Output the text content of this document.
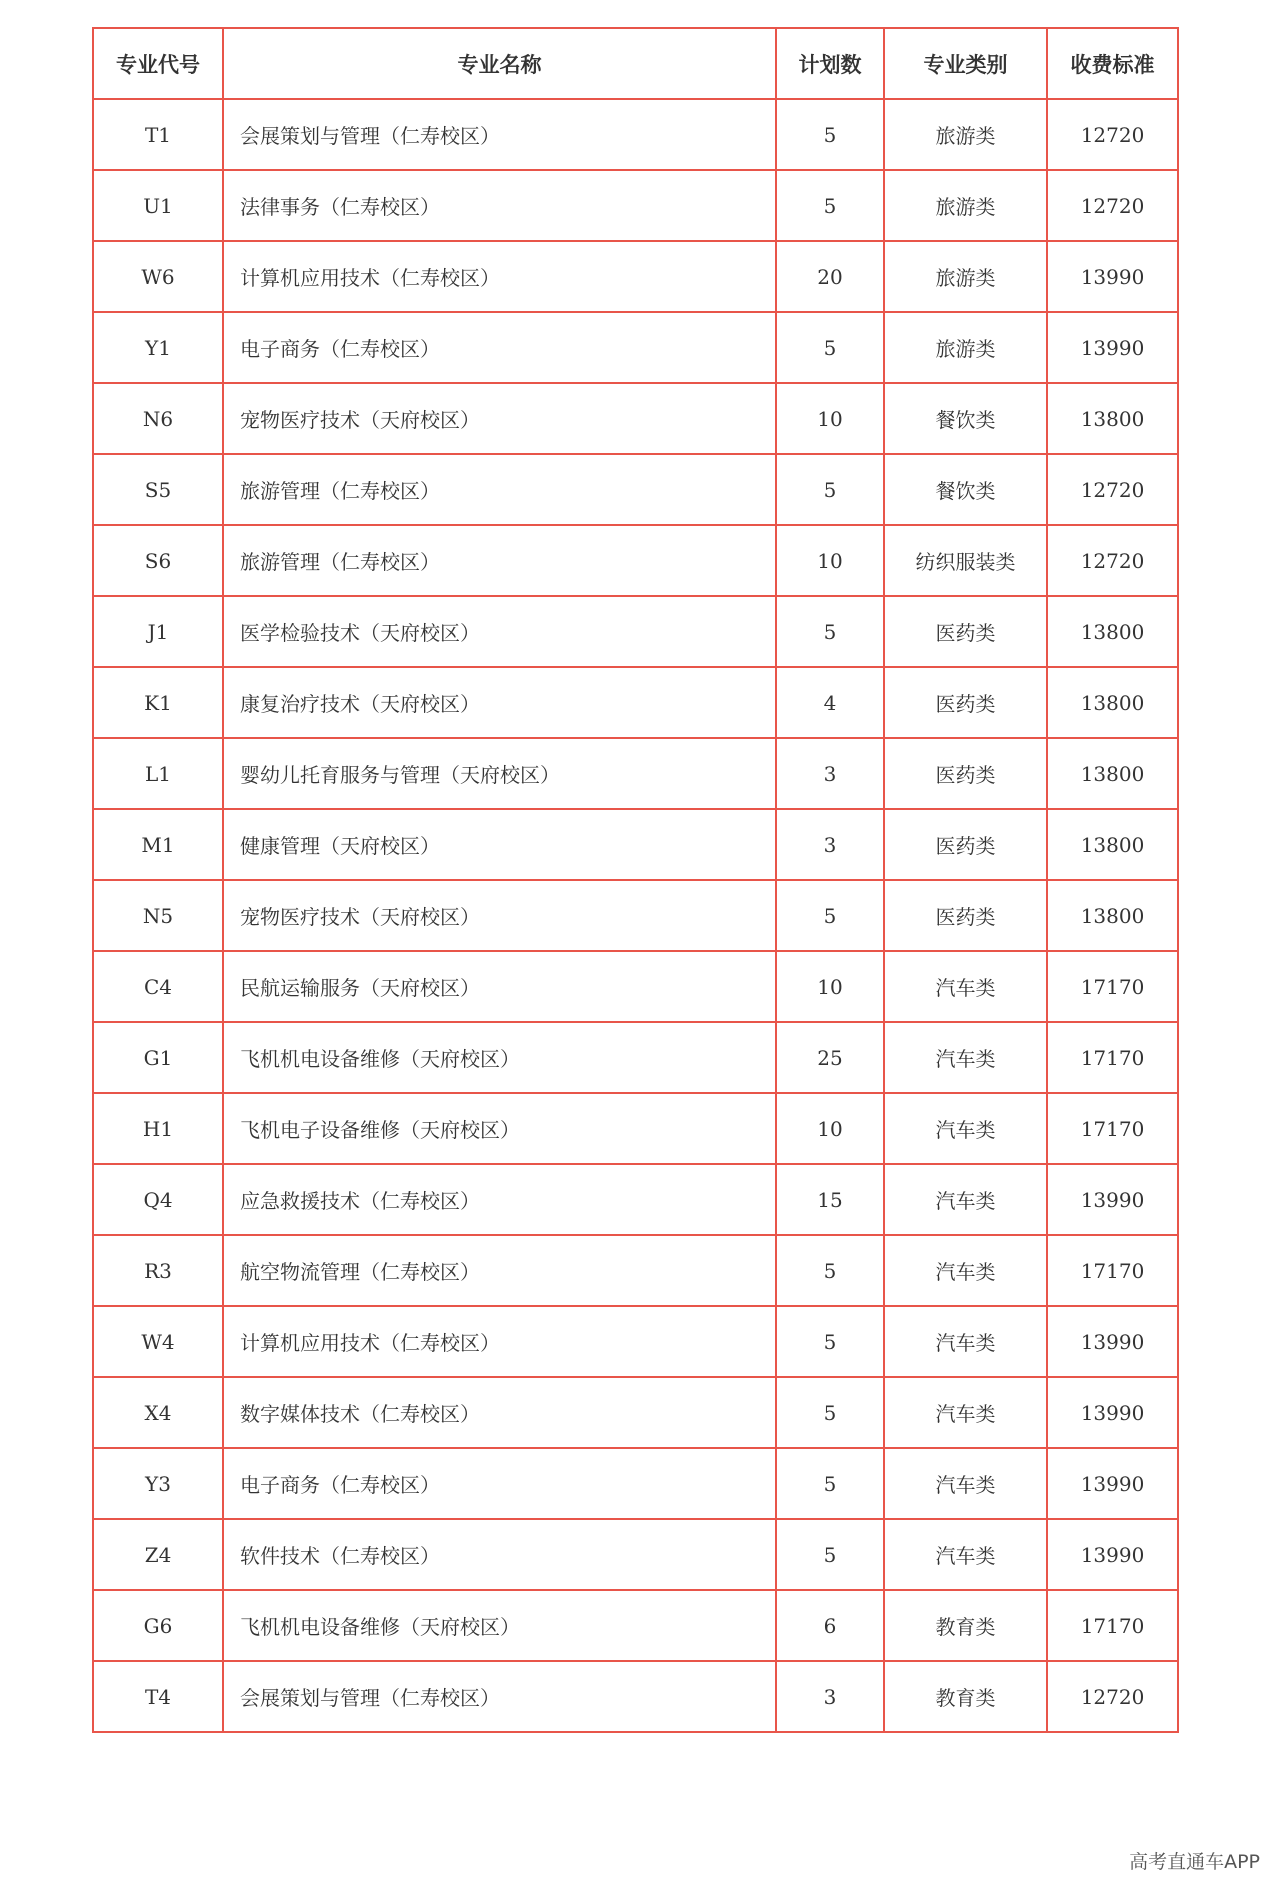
专业代号	专业名称	计划数	专业类别	收费标准
T1	会展策划与管理（仁寿校区）	5	旅游类	12720
U1	法律事务（仁寿校区）	5	旅游类	12720
W6	计算机应用技术（仁寿校区）	20	旅游类	13990
Y1	电子商务（仁寿校区）	5	旅游类	13990
N6	宠物医疗技术（天府校区）	10	餐饮类	13800
S5	旅游管理（仁寿校区）	5	餐饮类	12720
S6	旅游管理（仁寿校区）	10	纺织服装类	12720
J1	医学检验技术（天府校区）	5	医药类	13800
K1	康复治疗技术（天府校区）	4	医药类	13800
L1	婴幼儿托育服务与管理（天府校区）	3	医药类	13800
M1	健康管理（天府校区）	3	医药类	13800
N5	宠物医疗技术（天府校区）	5	医药类	13800
C4	民航运输服务（天府校区）	10	汽车类	17170
G1	飞机机电设备维修（天府校区）	25	汽车类	17170
H1	飞机电子设备维修（天府校区）	10	汽车类	17170
Q4	应急救援技术（仁寿校区）	15	汽车类	13990
R3	航空物流管理（仁寿校区）	5	汽车类	17170
W4	计算机应用技术（仁寿校区）	5	汽车类	13990
X4	数字媒体技术（仁寿校区）	5	汽车类	13990
Y3	电子商务（仁寿校区）	5	汽车类	13990
Z4	软件技术（仁寿校区）	5	汽车类	13990
G6	飞机机电设备维修（天府校区）	6	教育类	17170
T4	会展策划与管理（仁寿校区）	3	教育类	12720
高考直通车APP
